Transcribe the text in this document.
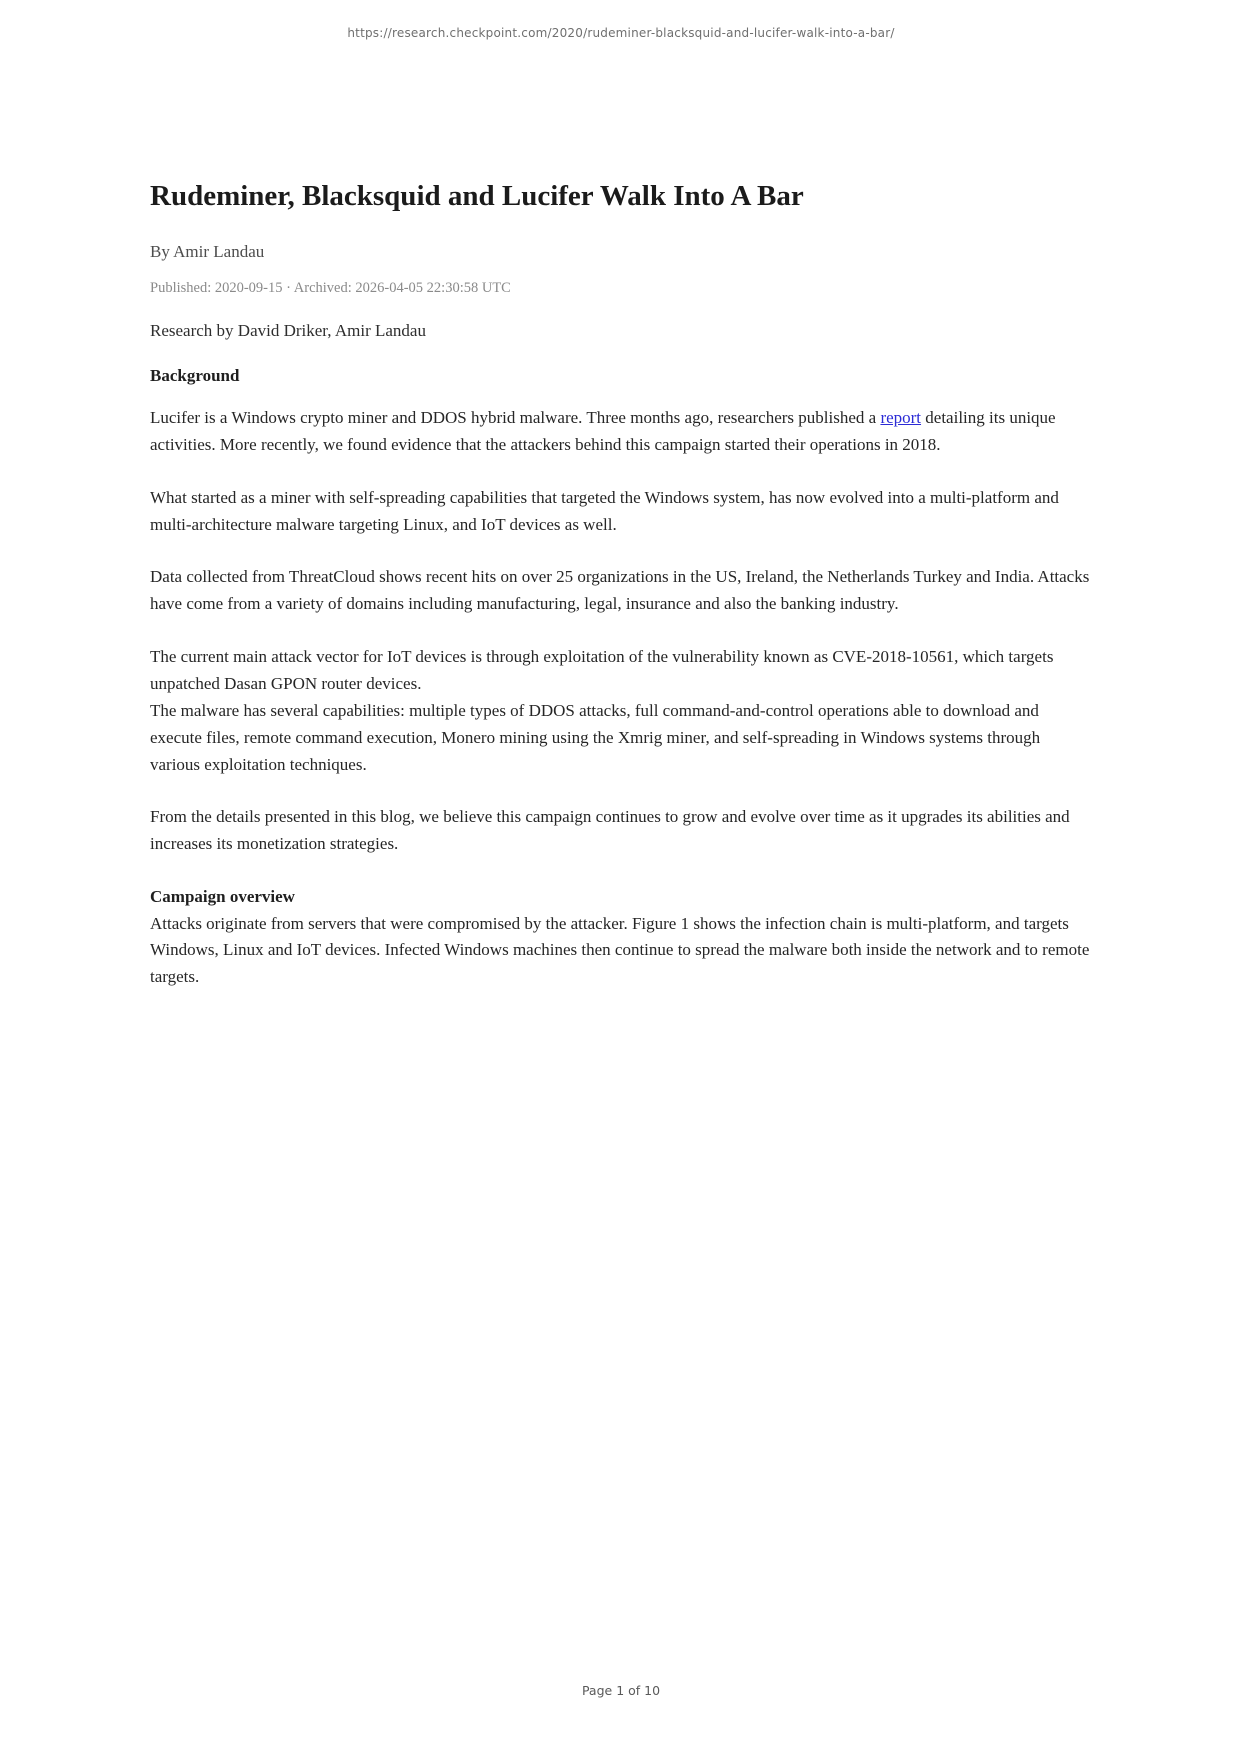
https://research.checkpoint.com/2020/rudeminer-blacksquid-and-lucifer-walk-into-a-bar/
Rudeminer, Blacksquid and Lucifer Walk Into A Bar

By Amir Landau

Published: 2020-09-15 · Archived: 2026-04-05 22:30:58 UTC

Research by David Driker, Amir Landau

Background

Lucifer is a Windows crypto miner and DDOS hybrid malware. Three months ago, researchers published a report detailing its unique activities. More recently, we found evidence that the attackers behind this campaign started their operations in 2018.

What started as a miner with self-spreading capabilities that targeted the Windows system, has now evolved into a multi-platform and multi-architecture malware targeting Linux, and IoT devices as well.

Data collected from ThreatCloud shows recent hits on over 25 organizations in the US, Ireland, the Netherlands Turkey and India. Attacks have come from a variety of domains including manufacturing, legal, insurance and also the banking industry.

The current main attack vector for IoT devices is through exploitation of the vulnerability known as CVE-2018-10561, which targets unpatched Dasan GPON router devices.
The malware has several capabilities: multiple types of DDOS attacks, full command-and-control operations able to download and execute files, remote command execution, Monero mining using the Xmrig miner, and self-spreading in Windows systems through various exploitation techniques.

From the details presented in this blog, we believe this campaign continues to grow and evolve over time as it upgrades its abilities and increases its monetization strategies.

Campaign overview

Attacks originate from servers that were compromised by the attacker. Figure 1 shows the infection chain is multi-platform, and targets Windows, Linux and IoT devices. Infected Windows machines then continue to spread the malware both inside the network and to remote targets.

Page 1 of 10
